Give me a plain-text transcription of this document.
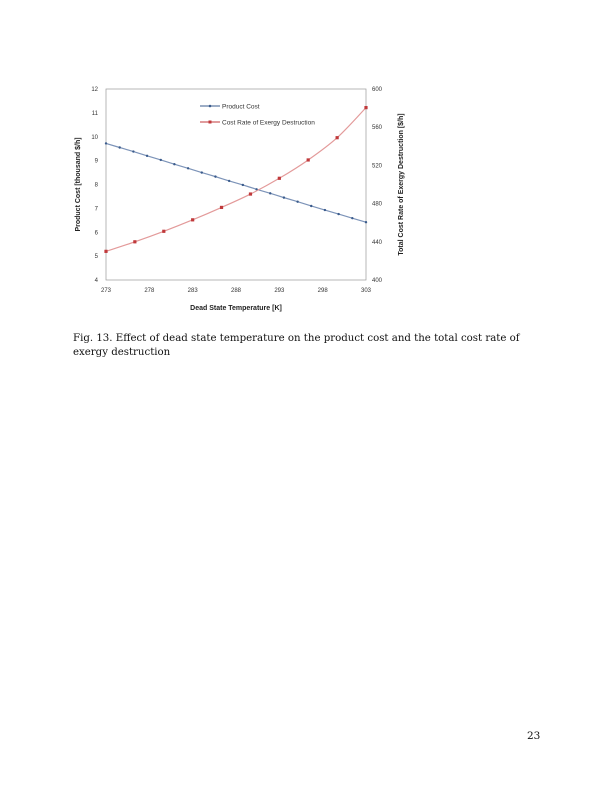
273	278	283	288	293	298	303
4
5
6
7
8
9
10
11
12
400
440
480
520
560
600
Product Cost
Cost Rate of Exergy Destruction
Dead State Temperature [K]
Product Cost [thousand $/h]	Total Cost Rate of Exergy Destruction [$/h]
Fig. 13. Effect of dead state temperature on the product cost and the total cost rate of exergy destruction
23
